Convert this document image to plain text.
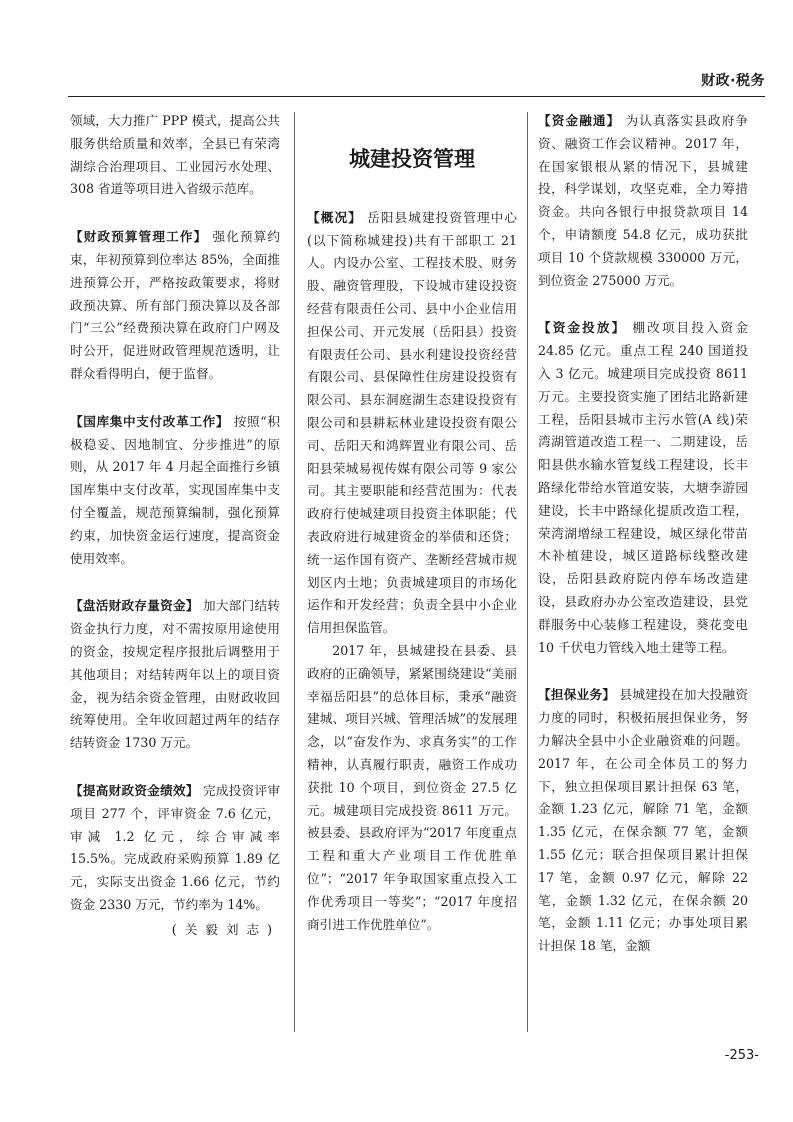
财政·税务

领域，大力推广 PPP 模式，提高公共服务供给质量和效率，全县已有荣湾湖综合治理项目、工业园污水处理、308 省道等项目进入省级示范库。

【财政预算管理工作】 强化预算约束，年初预算到位率达 85%，全面推进预算公开，严格按政策要求，将财政预决算、所有部门预决算以及各部门“三公”经费预决算在政府门户网及时公开，促进财政管理规范透明，让群众看得明白，便于监督。

【国库集中支付改革工作】 按照“积极稳妥、因地制宜、分步推进”的原则，从 2017 年 4 月起全面推行乡镇国库集中支付改革，实现国库集中支付全覆盖，规范预算编制，强化预算约束，加快资金运行速度，提高资金使用效率。

【盘活财政存量资金】 加大部门结转资金执行力度，对不需按原用途使用的资金，按规定程序报批后调整用于其他项目；对结转两年以上的项目资金，视为结余资金管理，由财政收回统筹使用。全年收回超过两年的结存结转资金 1730 万元。

【提高财政资金绩效】 完成投资评审项目 277 个，评审资金 7.6 亿元，审减 1.2 亿元，综合审减率 15.5%。完成政府采购预算 1.89 亿元，实际支出资金 1.66 亿元，节约资金 2330 万元，节约率为 14%。

(关毅刘志)

城建投资管理

【概况】 岳阳县城建投资管理中心(以下简称城建投)共有干部职工 21 人。内设办公室、工程技术股、财务股、融资管理股，下设城市建设投资经营有限责任公司、县中小企业信用担保公司、开元发展（岳阳县）投资有限责任公司、县水利建设投资经营有限公司、县保障性住房建设投资有限公司、县东洞庭湖生态建设投资有限公司和县耕耘林业建设投资有限公司、岳阳天和鸿辉置业有限公司、岳阳县荣城易视传媒有限公司等 9 家公司。其主要职能和经营范围为：代表政府行使城建项目投资主体职能；代表政府进行城建资金的举债和还贷；统一运作国有资产、垄断经营城市规划区内土地；负责城建项目的市场化运作和开发经营；负责全县中小企业信用担保监管。

2017 年，县城建投在县委、县政府的正确领导，紧紧围绕建设“美丽幸福岳阳县”的总体目标，秉承“融资建城、项目兴城、管理活城”的发展理念，以“奋发作为、求真务实”的工作精神，认真履行职责，融资工作成功获批 10 个项目，到位资金 27.5 亿元。城建项目完成投资 8611 万元。被县委、县政府评为“2017 年度重点工程和重大产业项目工作优胜单位”；“2017 年争取国家重点投入工作优秀项目一等奖”；“2017 年度招商引进工作优胜单位”。

【资金融通】 为认真落实县政府争资、融资工作会议精神。2017 年，在国家银根从紧的情况下，县城建投，科学谋划，攻坚克难，全力筹措资金。共向各银行申报贷款项目 14 个，申请额度 54.8 亿元，成功获批项目 10 个贷款规模 330000 万元，到位资金 275000 万元。

【资金投放】 棚改项目投入资金 24.85 亿元。重点工程 240 国道投入 3 亿元。城建项目完成投资 8611 万元。主要投资实施了团结北路新建工程，岳阳县城市主污水管(A 线)荣湾湖管道改造工程一、二期建设，岳阳县供水输水管复线工程建设，长丰路绿化带给水管道安装，大塘李游园建设，长丰中路绿化提质改造工程，荣湾湖增绿工程建设，城区绿化带苗木补植建设，城区道路标线整改建设，岳阳县政府院内停车场改造建设，县政府办办公室改造建设，县党群服务中心装修工程建设，葵花变电 10 千伏电力管线入地土建等工程。

【担保业务】 县城建投在加大投融资力度的同时，积极拓展担保业务，努力解决全县中小企业融资难的问题。2017 年，在公司全体员工的努力下，独立担保项目累计担保 63 笔，金额 1.23 亿元，解除 71 笔，金额 1.35 亿元，在保余额 77 笔，金额 1.55 亿元；联合担保项目累计担保 17 笔，金额 0.97 亿元，解除 22 笔，金额 1.32 亿元，在保余额 20 笔，金额 1.11 亿元；办事处项目累计担保 18 笔，金额

-253-
